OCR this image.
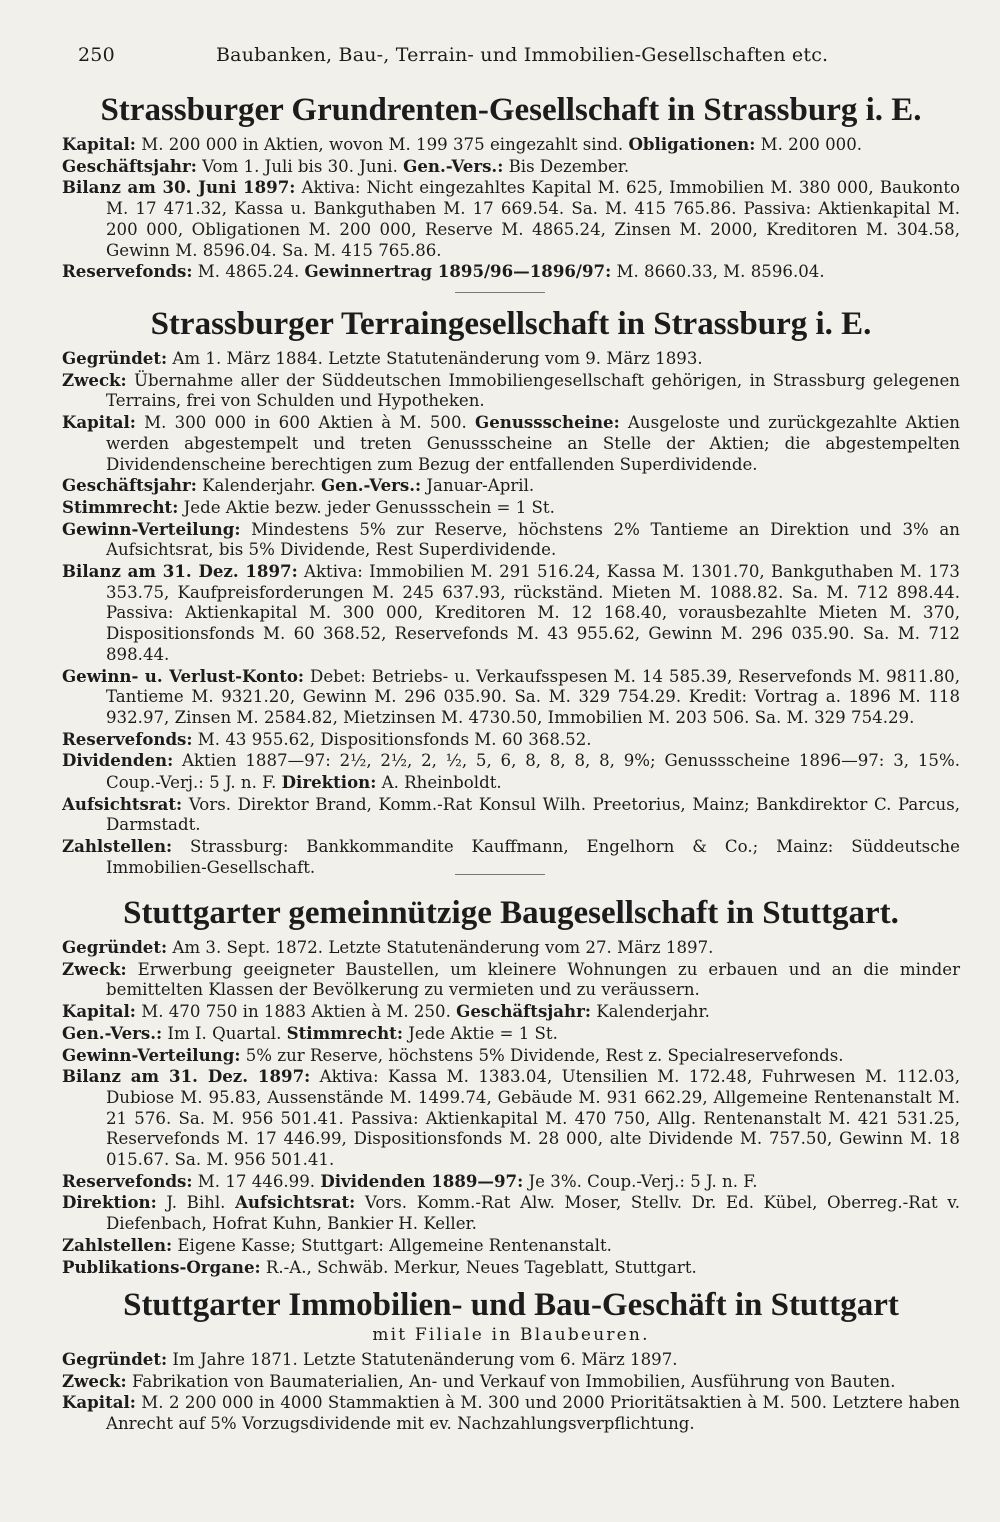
250	Baubanken, Bau-, Terrain- und Immobilien-Gesellschaften etc.
Strassburger Grundrenten-Gesellschaft in Strassburg i. E.
Kapital: M. 200 000 in Aktien, wovon M. 199 375 eingezahlt sind. Obligationen: M. 200 000.
Geschäftsjahr: Vom 1. Juli bis 30. Juni. Gen.-Vers.: Bis Dezember.
Bilanz am 30. Juni 1897: Aktiva: Nicht eingezahltes Kapital M. 625, Immobilien M. 380 000, Baukonto M. 17 471.32, Kassa u. Bankguthaben M. 17 669.54. Sa. M. 415 765.86. Passiva: Aktienkapital M. 200 000, Obligationen M. 200 000, Reserve M. 4865.24, Zinsen M. 2000, Kreditoren M. 304.58, Gewinn M. 8596.04. Sa. M. 415 765.86.
Reservefonds: M. 4865.24. Gewinnertrag 1895/96—1896/97: M. 8660.33, M. 8596.04.
Strassburger Terraingesellschaft in Strassburg i. E.
Gegründet: Am 1. März 1884. Letzte Statutenänderung vom 9. März 1893.
Zweck: Übernahme aller der Süddeutschen Immobiliengesellschaft gehörigen, in Strassburg gelegenen Terrains, frei von Schulden und Hypotheken.
Kapital: M. 300 000 in 600 Aktien à M. 500. Genussscheine: Ausgeloste und zurückgezahlte Aktien werden abgestempelt und treten Genussscheine an Stelle der Aktien; die abgestempelten Dividendenscheine berechtigen zum Bezug der entfallenden Superdividende.
Geschäftsjahr: Kalenderjahr. Gen.-Vers.: Januar-April.
Stimmrecht: Jede Aktie bezw. jeder Genussschein = 1 St.
Gewinn-Verteilung: Mindestens 5% zur Reserve, höchstens 2% Tantieme an Direktion und 3% an Aufsichtsrat, bis 5% Dividende, Rest Superdividende.
Bilanz am 31. Dez. 1897: Aktiva: Immobilien M. 291 516.24, Kassa M. 1301.70, Bankguthaben M. 173 353.75, Kaufpreisforderungen M. 245 637.93, rückständ. Mieten M. 1088.82. Sa. M. 712 898.44. Passiva: Aktienkapital M. 300 000, Kreditoren M. 12 168.40, vorausbezahlte Mieten M. 370, Dispositionsfonds M. 60 368.52, Reservefonds M. 43 955.62, Gewinn M. 296 035.90. Sa. M. 712 898.44.
Gewinn- u. Verlust-Konto: Debet: Betriebs- u. Verkaufsspesen M. 14 585.39, Reservefonds M. 9811.80, Tantieme M. 9321.20, Gewinn M. 296 035.90. Sa. M. 329 754.29. Kredit: Vortrag a. 1896 M. 118 932.97, Zinsen M. 2584.82, Mietzinsen M. 4730.50, Immobilien M. 203 506. Sa. M. 329 754.29.
Reservefonds: M. 43 955.62, Dispositionsfonds M. 60 368.52.
Dividenden: Aktien 1887—97: 2½, 2½, 2, ½, 5, 6, 8, 8, 8, 8, 9%; Genussscheine 1896—97: 3, 15%. Coup.-Verj.: 5 J. n. F. Direktion: A. Rheinboldt.
Aufsichtsrat: Vors. Direktor Brand, Komm.-Rat Konsul Wilh. Preetorius, Mainz; Bankdirektor C. Parcus, Darmstadt.
Zahlstellen: Strassburg: Bankkommandite Kauffmann, Engelhorn & Co.; Mainz: Süddeutsche Immobilien-Gesellschaft.
Stuttgarter gemeinnützige Baugesellschaft in Stuttgart.
Gegründet: Am 3. Sept. 1872. Letzte Statutenänderung vom 27. März 1897.
Zweck: Erwerbung geeigneter Baustellen, um kleinere Wohnungen zu erbauen und an die minder bemittelten Klassen der Bevölkerung zu vermieten und zu veräussern.
Kapital: M. 470 750 in 1883 Aktien à M. 250. Geschäftsjahr: Kalenderjahr.
Gen.-Vers.: Im I. Quartal. Stimmrecht: Jede Aktie = 1 St.
Gewinn-Verteilung: 5% zur Reserve, höchstens 5% Dividende, Rest z. Specialreservefonds.
Bilanz am 31. Dez. 1897: Aktiva: Kassa M. 1383.04, Utensilien M. 172.48, Fuhrwesen M. 112.03, Dubiose M. 95.83, Aussenstände M. 1499.74, Gebäude M. 931 662.29, Allgemeine Rentenanstalt M. 21 576. Sa. M. 956 501.41. Passiva: Aktienkapital M. 470 750, Allg. Rentenanstalt M. 421 531.25, Reservefonds M. 17 446.99, Dispositionsfonds M. 28 000, alte Dividende M. 757.50, Gewinn M. 18 015.67. Sa. M. 956 501.41.
Reservefonds: M. 17 446.99. Dividenden 1889—97: Je 3%. Coup.-Verj.: 5 J. n. F.
Direktion: J. Bihl. Aufsichtsrat: Vors. Komm.-Rat Alw. Moser, Stellv. Dr. Ed. Kübel, Oberreg.-Rat v. Diefenbach, Hofrat Kuhn, Bankier H. Keller.
Zahlstellen: Eigene Kasse; Stuttgart: Allgemeine Rentenanstalt.
Publikations-Organe: R.-A., Schwäb. Merkur, Neues Tageblatt, Stuttgart.
Stuttgarter Immobilien- und Bau-Geschäft in Stuttgart
mit Filiale in Blaubeuren.
Gegründet: Im Jahre 1871. Letzte Statutenänderung vom 6. März 1897.
Zweck: Fabrikation von Baumaterialien, An- und Verkauf von Immobilien, Ausführung von Bauten.
Kapital: M. 2 200 000 in 4000 Stammaktien à M. 300 und 2000 Prioritätsaktien à M. 500. Letztere haben Anrecht auf 5% Vorzugsdividende mit ev. Nachzahlungsverpflichtung.
